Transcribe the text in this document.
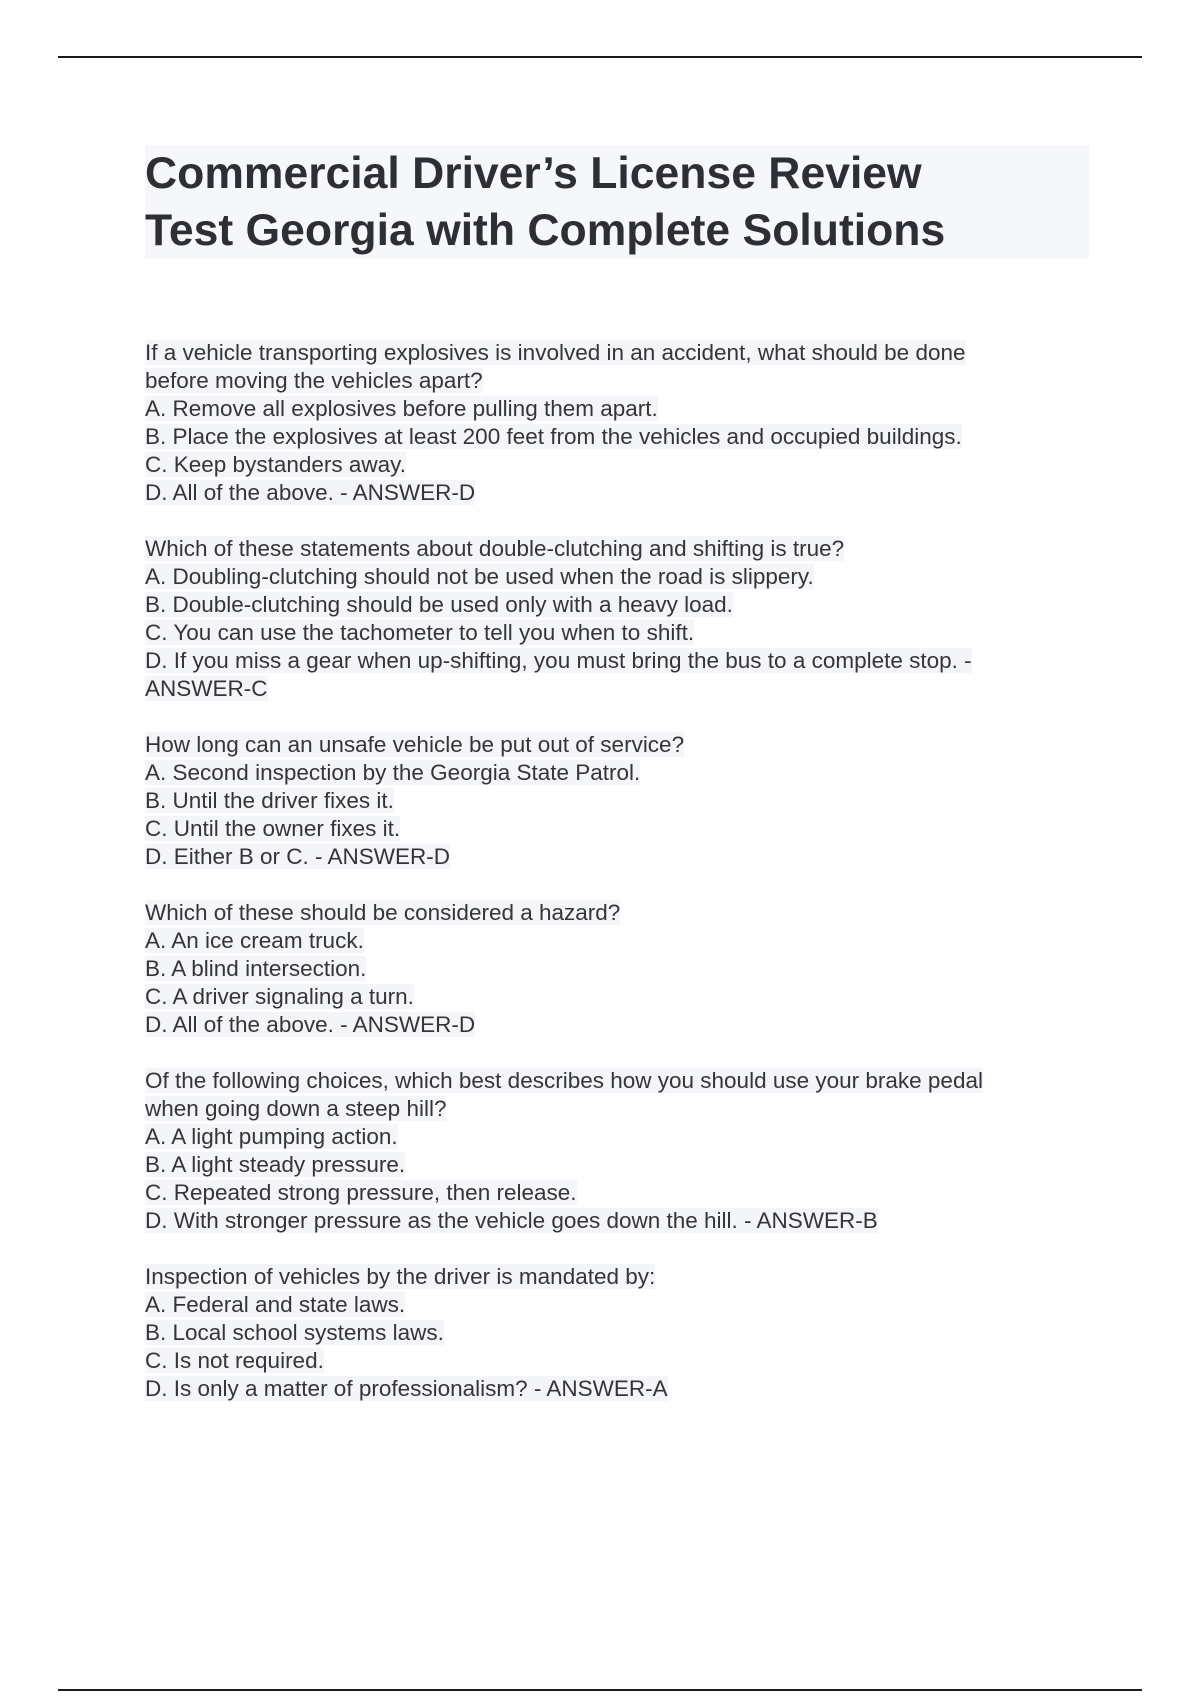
Commercial Driver’s License Review
Test Georgia with Complete Solutions
If a vehicle transporting explosives is involved in an accident, what should be done
before moving the vehicles apart?
A. Remove all explosives before pulling them apart.
B. Place the explosives at least 200 feet from the vehicles and occupied buildings.
C. Keep bystanders away.
D. All of the above. - ANSWER-D
Which of these statements about double-clutching and shifting is true?
A. Doubling-clutching should not be used when the road is slippery.
B. Double-clutching should be used only with a heavy load.
C. You can use the tachometer to tell you when to shift.
D. If you miss a gear when up-shifting, you must bring the bus to a complete stop. -
ANSWER-C
How long can an unsafe vehicle be put out of service?
A. Second inspection by the Georgia State Patrol.
B. Until the driver fixes it.
C. Until the owner fixes it.
D. Either B or C. - ANSWER-D
Which of these should be considered a hazard?
A. An ice cream truck.
B. A blind intersection.
C. A driver signaling a turn.
D. All of the above. - ANSWER-D
Of the following choices, which best describes how you should use your brake pedal
when going down a steep hill?
A. A light pumping action.
B. A light steady pressure.
C. Repeated strong pressure, then release.
D. With stronger pressure as the vehicle goes down the hill. - ANSWER-B
Inspection of vehicles by the driver is mandated by:
A. Federal and state laws.
B. Local school systems laws.
C. Is not required.
D. Is only a matter of professionalism? - ANSWER-A
